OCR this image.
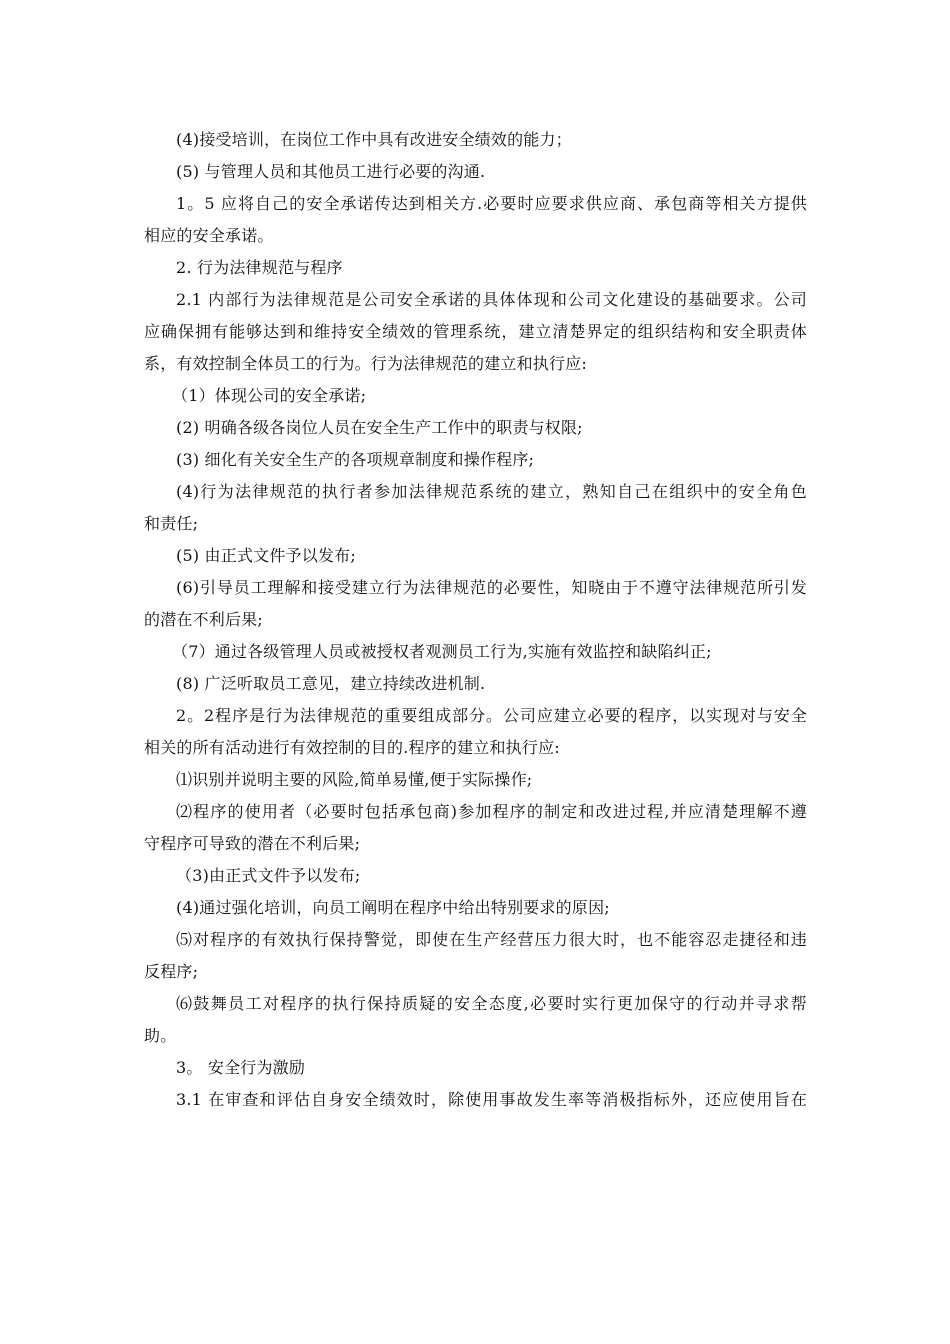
(4)接受培训，在岗位工作中具有改进安全绩效的能力；
(5) 与管理人员和其他员工进行必要的沟通.
1。5 应将自己的安全承诺传达到相关方.必要时应要求供应商、承包商等相关方提供
相应的安全承诺。
2. 行为法律规范与程序
2.1 内部行为法律规范是公司安全承诺的具体体现和公司文化建设的基础要求。公司
应确保拥有能够达到和维持安全绩效的管理系统，建立清楚界定的组织结构和安全职责体
系，有效控制全体员工的行为。行为法律规范的建立和执行应:
（1）体现公司的安全承诺;
(2) 明确各级各岗位人员在安全生产工作中的职责与权限;
(3) 细化有关安全生产的各项规章制度和操作程序;
(4)行为法律规范的执行者参加法律规范系统的建立，熟知自己在组织中的安全角色
和责任;
(5) 由正式文件予以发布;
(6)引导员工理解和接受建立行为法律规范的必要性，知晓由于不遵守法律规范所引发
的潜在不利后果;
（7）通过各级管理人员或被授权者观测员工行为,实施有效监控和缺陷纠正;
(8) 广泛听取员工意见，建立持续改进机制.
2。2程序是行为法律规范的重要组成部分。公司应建立必要的程序，以实现对与安全
相关的所有活动进行有效控制的目的.程序的建立和执行应:
⑴识别并说明主要的风险,简单易懂,便于实际操作;
⑵程序的使用者（必要时包括承包商)参加程序的制定和改进过程,并应清楚理解不遵
守程序可导致的潜在不利后果;
（3)由正式文件予以发布;
(4)通过强化培训，向员工阐明在程序中给出特别要求的原因;
⑸对程序的有效执行保持警觉，即使在生产经营压力很大时，也不能容忍走捷径和违
反程序;
⑹鼓舞员工对程序的执行保持质疑的安全态度,必要时实行更加保守的行动并寻求帮
助。
3。 安全行为激励
3.1 在审查和评估自身安全绩效时，除使用事故发生率等消极指标外，还应使用旨在
